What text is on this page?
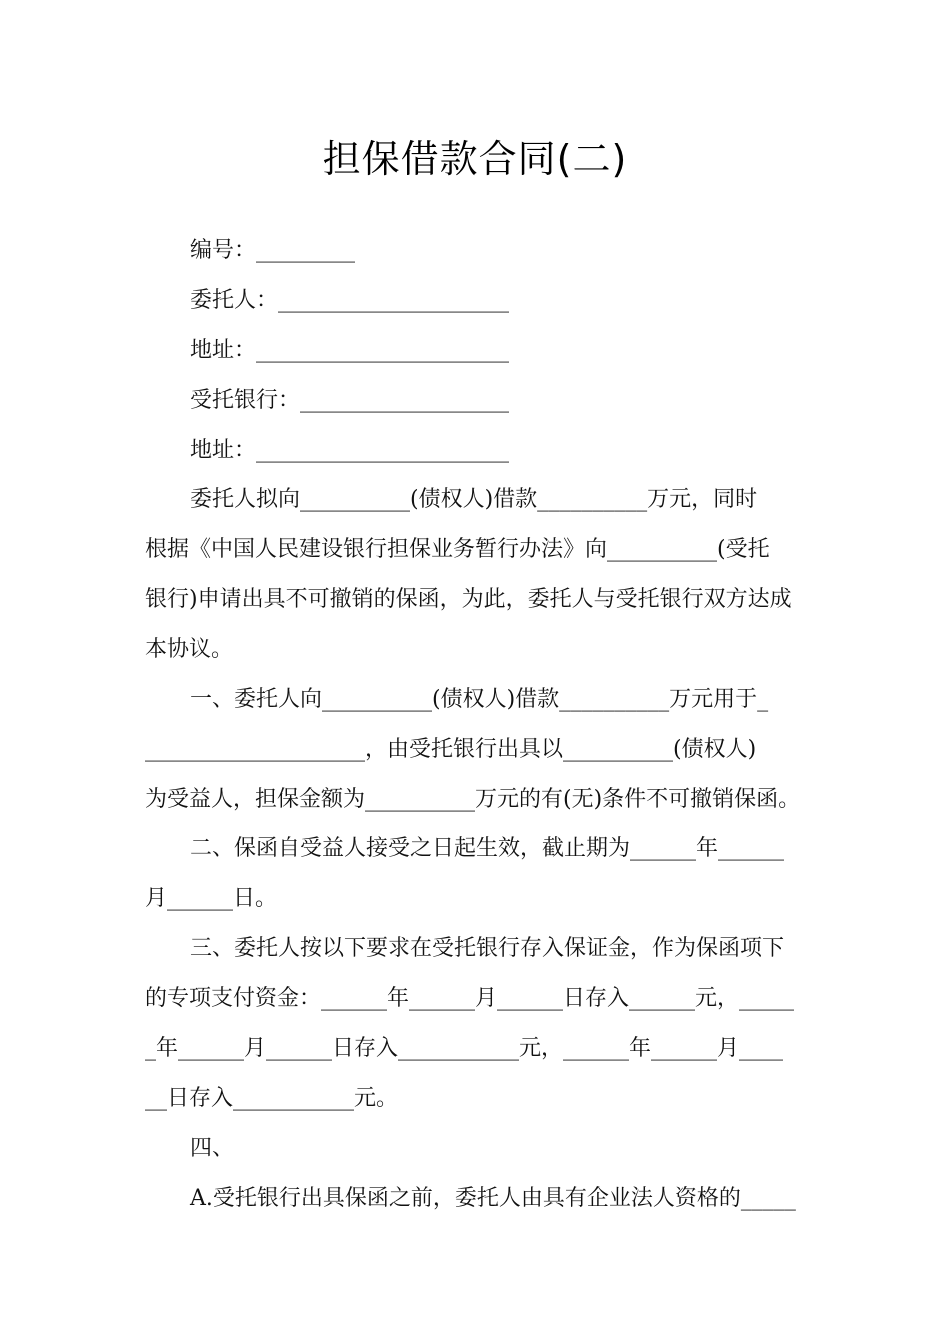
担保借款合同(二)
编号：_________
委托人：_____________________
地址：_______________________
受托银行：___________________
地址：_______________________
委托人拟向__________(债权人)借款__________万元，同时
根据《中国人民建设银行担保业务暂行办法》向__________(受托
银行)申请出具不可撤销的保函，为此，委托人与受托银行双方达成
本协议。
一、委托人向__________(债权人)借款__________万元用于_
____________________，由受托银行出具以__________(债权人)
为受益人，担保金额为__________万元的有(无)条件不可撤销保函。
二、保函自受益人接受之日起生效，截止期为______年______
月______日。
三、委托人按以下要求在受托银行存入保证金，作为保函项下
的专项支付资金：______年______月______日存入______元，_____
_年______月______日存入___________元，______年______月____
__日存入___________元。
四、
A.受托银行出具保函之前，委托人由具有企业法人资格的_____
